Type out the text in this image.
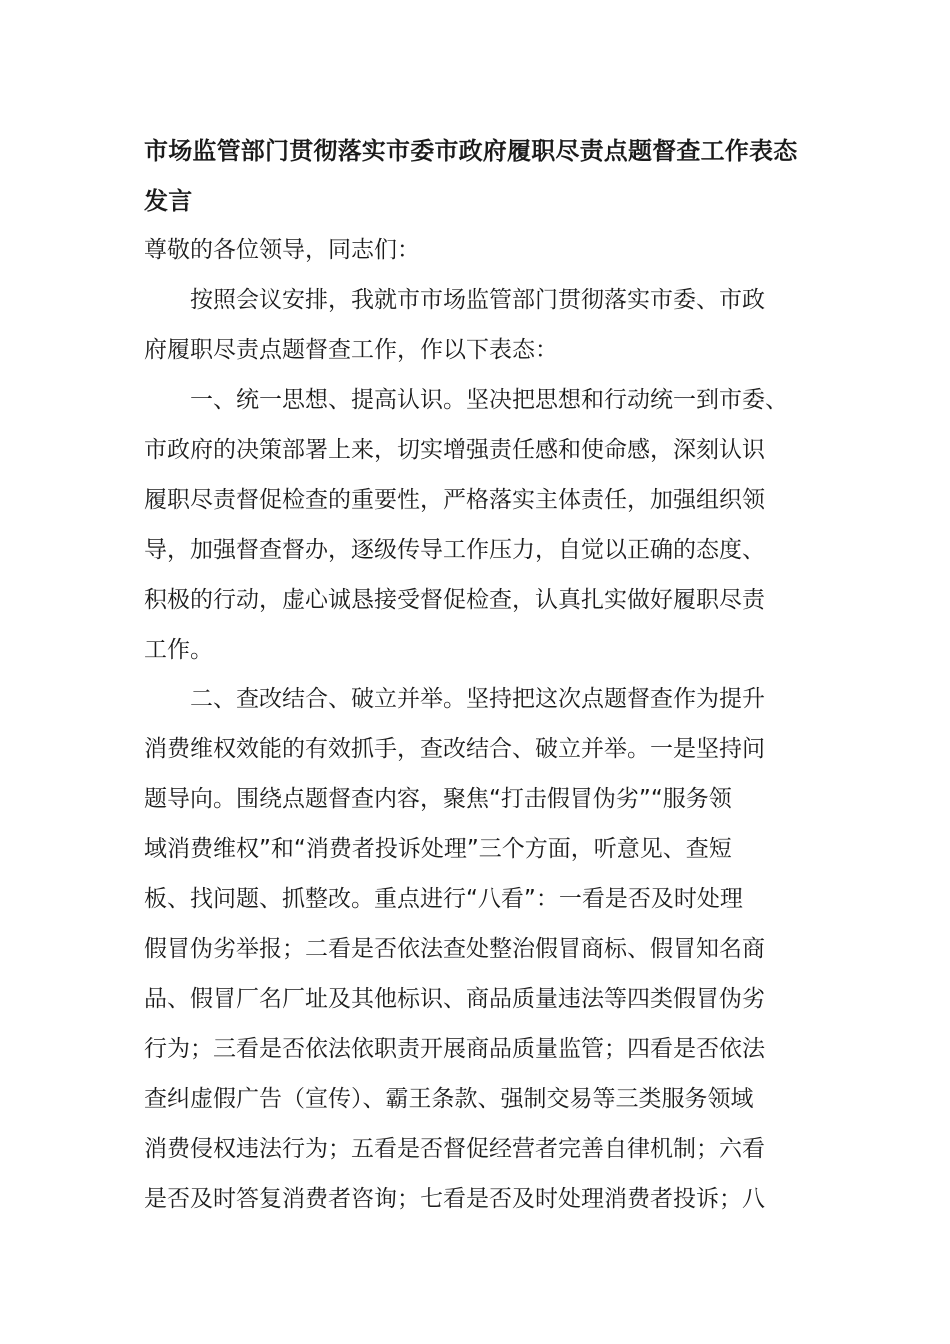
市场监管部门贯彻落实市委市政府履职尽责点题督查工作表态
发言
尊敬的各位领导，同志们：
　　按照会议安排，我就市市场监管部门贯彻落实市委、市政
府履职尽责点题督查工作，作以下表态：
　　一、统一思想、提高认识。坚决把思想和行动统一到市委、
市政府的决策部署上来，切实增强责任感和使命感，深刻认识
履职尽责督促检查的重要性，严格落实主体责任，加强组织领
导，加强督查督办，逐级传导工作压力，自觉以正确的态度、
积极的行动，虚心诚恳接受督促检查，认真扎实做好履职尽责
工作。
　　二、查改结合、破立并举。坚持把这次点题督查作为提升
消费维权效能的有效抓手，查改结合、破立并举。一是坚持问
题导向。围绕点题督查内容，聚焦“打击假冒伪劣”“服务领
域消费维权”和“消费者投诉处理”三个方面，听意见、查短
板、找问题、抓整改。重点进行“八看”：一看是否及时处理
假冒伪劣举报；二看是否依法查处整治假冒商标、假冒知名商
品、假冒厂名厂址及其他标识、商品质量违法等四类假冒伪劣
行为；三看是否依法依职责开展商品质量监管；四看是否依法
查纠虚假广告（宣传）、霸王条款、强制交易等三类服务领域
消费侵权违法行为；五看是否督促经营者完善自律机制；六看
是否及时答复消费者咨询；七看是否及时处理消费者投诉；八
